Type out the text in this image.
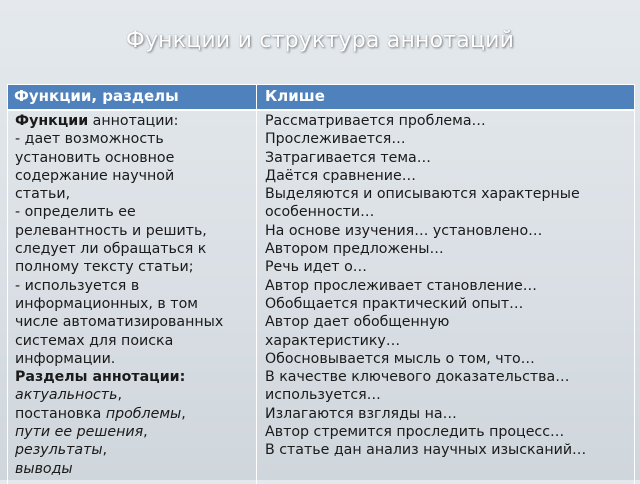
Функции и структура аннотаций
Функции, разделы	Клише
Функции аннотации:
- дает возможность
установить основное
содержание научной
статьи,
- определить ее
релевантность и решить,
следует ли обращаться к
полному тексту статьи;
- используется в
информационных, в том
числе автоматизированных
системах для поиска
информации.
Разделы аннотации:
актуальность,
постановка проблемы,
пути ее решения,
результаты,
выводы
Рассматривается проблема…
Прослеживается…
Затрагивается тема…
Даётся сравнение…
Выделяются и описываются характерные
особенности…
На основе изучения… установлено…
Автором предложены…
Речь идет о…
Автор прослеживает становление…
Обобщается практический опыт…
Автор дает обобщенную
характеристику…
Обосновывается мысль о том, что…
В качестве ключевого доказательства…
используется…
Излагаются взгляды на…
Автор стремится проследить процесс…
В статье дан анализ научных изысканий…
